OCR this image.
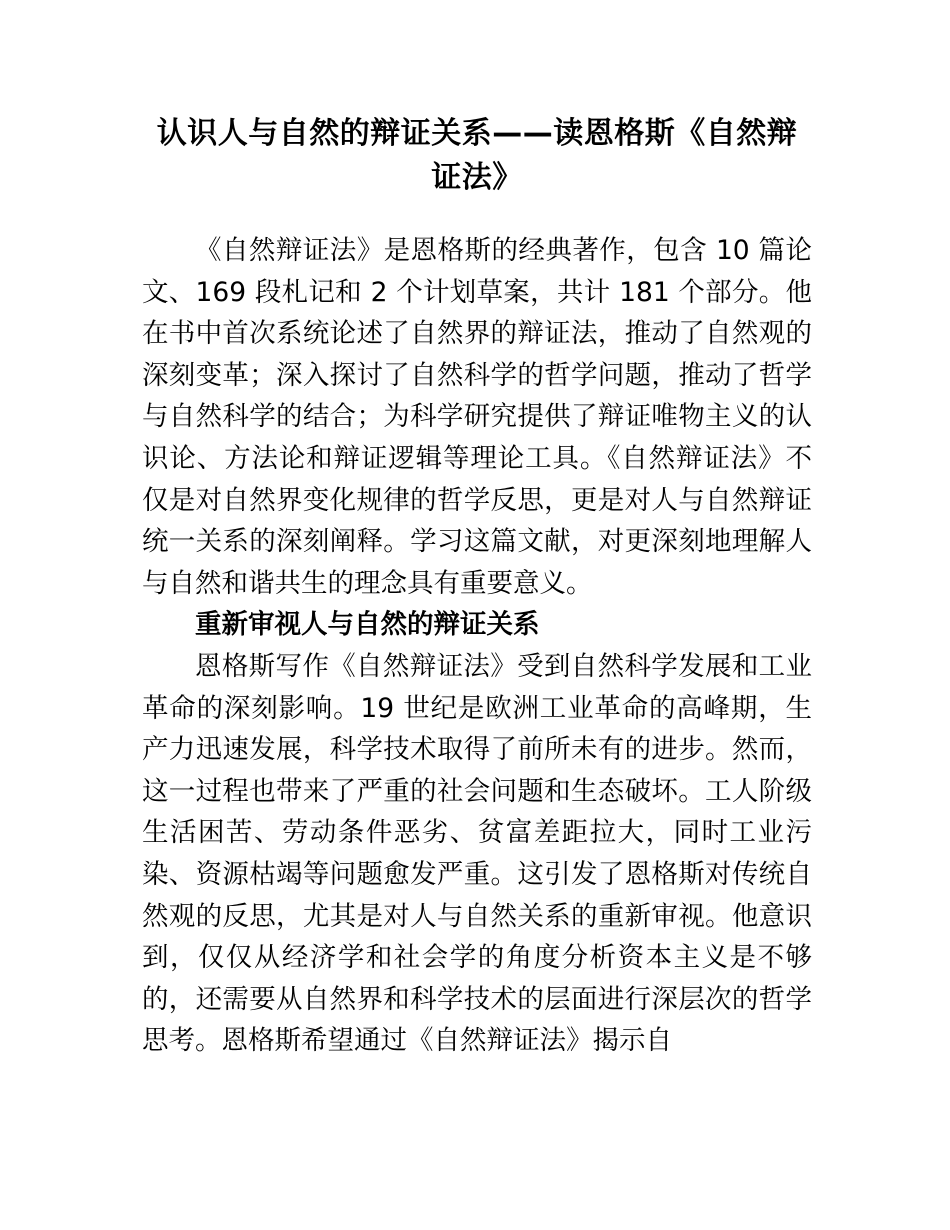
认识人与自然的辩证关系——读恩格斯《自然辩证法》

《自然辩证法》是恩格斯的经典著作，包含 10 篇论文、169 段札记和 2 个计划草案，共计 181 个部分。他在书中首次系统论述了自然界的辩证法，推动了自然观的深刻变革；深入探讨了自然科学的哲学问题，推动了哲学与自然科学的结合；为科学研究提供了辩证唯物主义的认识论、方法论和辩证逻辑等理论工具。《自然辩证法》不仅是对自然界变化规律的哲学反思，更是对人与自然辩证统一关系的深刻阐释。学习这篇文献，对更深刻地理解人与自然和谐共生的理念具有重要意义。

重新审视人与自然的辩证关系

恩格斯写作《自然辩证法》受到自然科学发展和工业革命的深刻影响。19 世纪是欧洲工业革命的高峰期，生产力迅速发展，科学技术取得了前所未有的进步。然而，这一过程也带来了严重的社会问题和生态破坏。工人阶级生活困苦、劳动条件恶劣、贫富差距拉大，同时工业污染、资源枯竭等问题愈发严重。这引发了恩格斯对传统自然观的反思，尤其是对人与自然关系的重新审视。他意识到，仅仅从经济学和社会学的角度分析资本主义是不够的，还需要从自然界和科学技术的层面进行深层次的哲学思考。恩格斯希望通过《自然辩证法》揭示自
